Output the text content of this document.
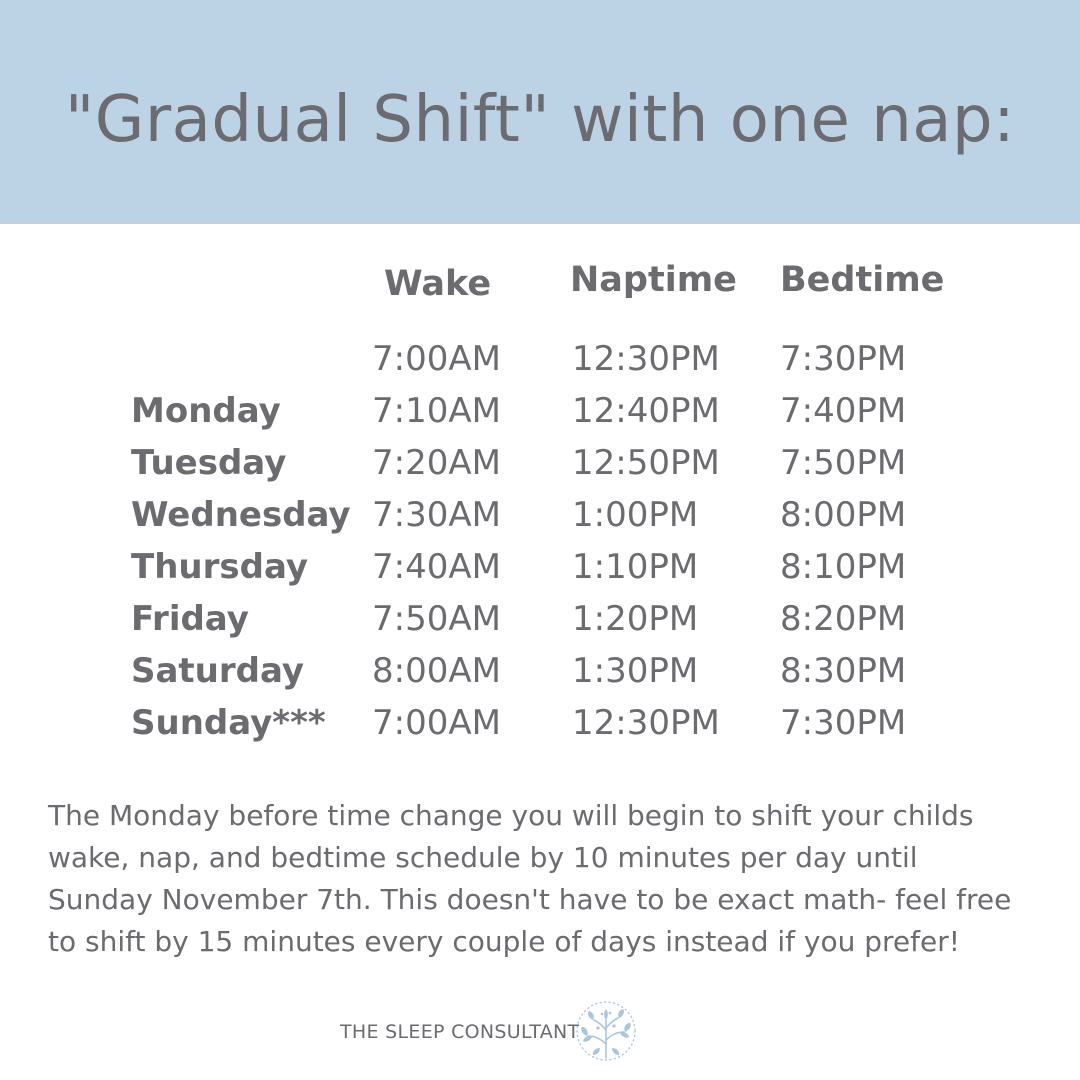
"Gradual Shift" with one nap:
Wake Naptime Bedtime
7:00AM 12:30PM 7:30PM
Monday	7:10AM 12:40PM 7:40PM
Tuesday	7:20AM 12:50PM 7:50PM
Wednesday 7:30AM 1:00PM 8:00PM
Thursday 7:40AM 1:10PM 8:10PM
Friday	7:50AM 1:20PM 8:20PM
Saturday 8:00AM 1:30PM 8:30PM
Sunday*** 7:00AM 12:30PM 7:30PM
The Monday before time change you will begin to shift your childs wake, nap, and bedtime schedule by 10 minutes per day until Sunday November 7th. This doesn't have to be exact math- feel free to shift by 15 minutes every couple of days instead if you prefer!
THE SLEEP CONSULTANT
